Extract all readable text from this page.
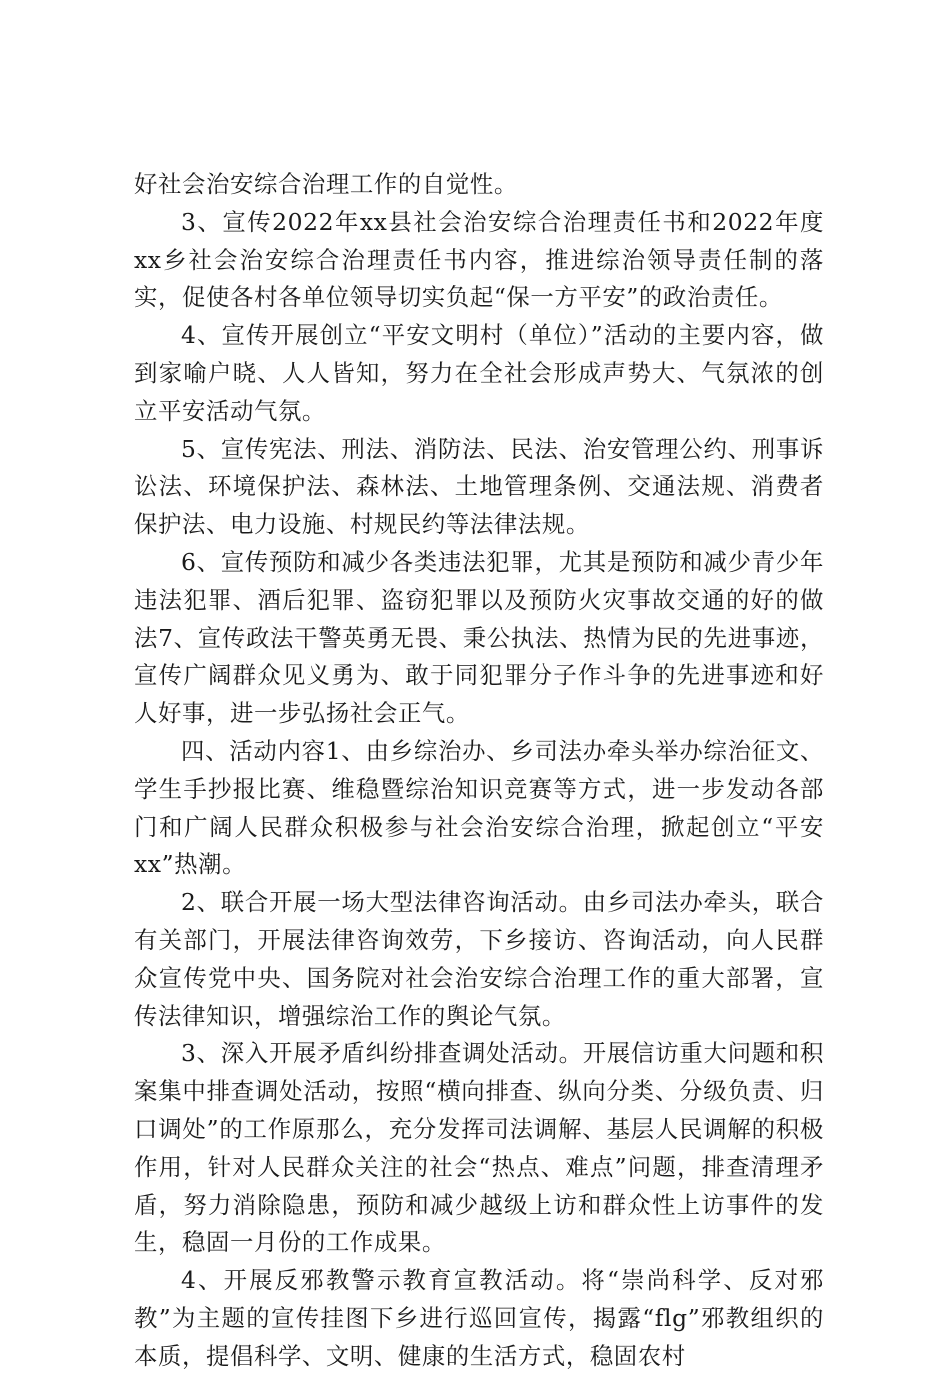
好社会治安综合治理工作的自觉性。

3、宣传2022年xx县社会治安综合治理责任书和2022年度xx乡社会治安综合治理责任书内容，推进综治领导责任制的落实，促使各村各单位领导切实负起“保一方平安”的政治责任。

4、宣传开展创立“平安文明村（单位）”活动的主要内容，做到家喻户晓、人人皆知，努力在全社会形成声势大、气氛浓的创立平安活动气氛。

5、宣传宪法、刑法、消防法、民法、治安管理公约、刑事诉讼法、环境保护法、森林法、土地管理条例、交通法规、消费者保护法、电力设施、村规民约等法律法规。

6、宣传预防和减少各类违法犯罪，尤其是预防和减少青少年违法犯罪、酒后犯罪、盗窃犯罪以及预防火灾事故交通的好的做法7、宣传政法干警英勇无畏、秉公执法、热情为民的先进事迹，宣传广阔群众见义勇为、敢于同犯罪分子作斗争的先进事迹和好人好事，进一步弘扬社会正气。

四、活动内容1、由乡综治办、乡司法办牵头举办综治征文、学生手抄报比赛、维稳暨综治知识竞赛等方式，进一步发动各部门和广阔人民群众积极参与社会治安综合治理，掀起创立“平安xx”热潮。

2、联合开展一场大型法律咨询活动。由乡司法办牵头，联合有关部门，开展法律咨询效劳，下乡接访、咨询活动，向人民群众宣传党中央、国务院对社会治安综合治理工作的重大部署，宣传法律知识，增强综治工作的舆论气氛。

3、深入开展矛盾纠纷排查调处活动。开展信访重大问题和积案集中排查调处活动，按照“横向排查、纵向分类、分级负责、归口调处”的工作原那么，充分发挥司法调解、基层人民调解的积极作用，针对人民群众关注的社会“热点、难点”问题，排查清理矛盾，努力消除隐患，预防和减少越级上访和群众性上访事件的发生，稳固一月份的工作成果。

4、开展反邪教警示教育宣教活动。将“崇尚科学、反对邪教”为主题的宣传挂图下乡进行巡回宣传，揭露“flg”邪教组织的本质，提倡科学、文明、健康的生活方式，稳固农村
